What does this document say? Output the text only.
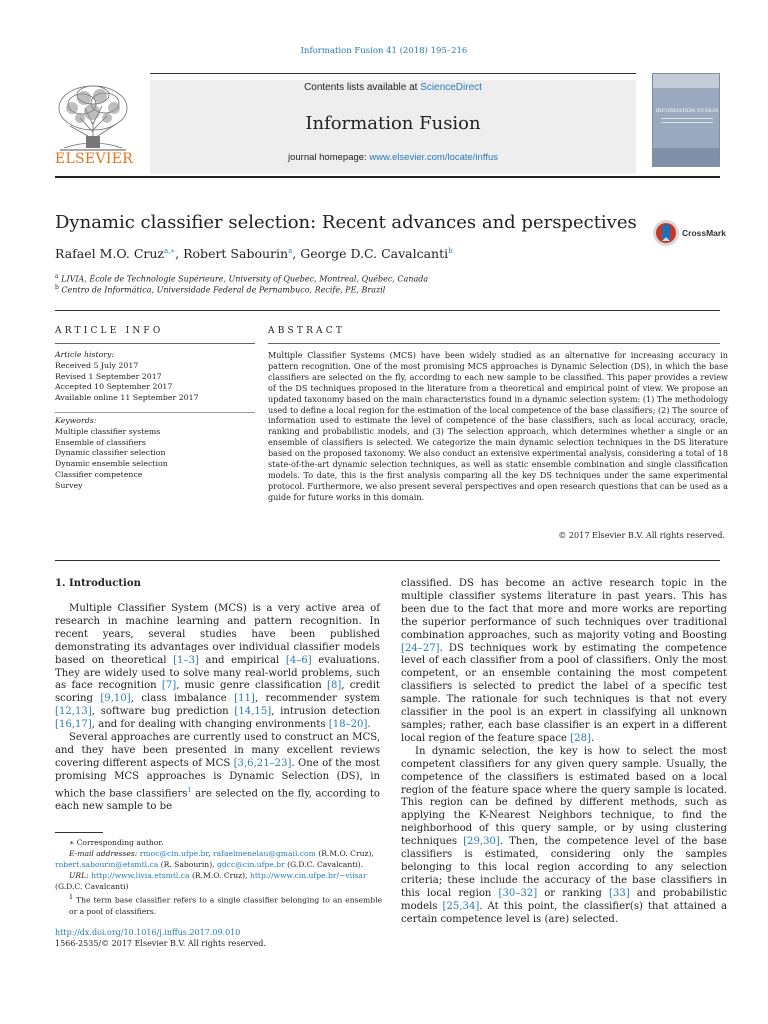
Information Fusion 41 (2018) 195–216
Contents lists available at ScienceDirect
Information Fusion
journal homepage: www.elsevier.com/locate/inffus
ELSEVIER
INFORMATION FUSION
Dynamic classifier selection: Recent advances and perspectives
Rafael M.O. Cruz$^{a,∗}$, Robert Sabourin$^a$, George D.C. Cavalcanti$^b$
$^a$ LIVIA, École de Technologie Supérieure, University of Quebec, Montreal, Québec, Canada
$^b$ Centro de Informática, Universidade Federal de Pernambuco, Recife, PE, Brazil
CrossMark
ARTICLE INFO
Article history:
Received 5 July 2017
Revised 1 September 2017
Accepted 10 September 2017
Available online 11 September 2017
Keywords:
Multiple classifier systems
Ensemble of classifiers
Dynamic classifier selection
Dynamic ensemble selection
Classifier competence
Survey
ABSTRACT
Multiple Classifier Systems (MCS) have been widely studied as an alternative for increasing accuracy in pattern recognition. One of the most promising MCS approaches is Dynamic Selection (DS), in which the base classifiers are selected on the fly, according to each new sample to be classified. This paper provides a review of the DS techniques proposed in the literature from a theoretical and empirical point of view. We propose an updated taxonomy based on the main characteristics found in a dynamic selection system: (1) The methodology used to define a local region for the estimation of the local competence of the base classifiers; (2) The source of information used to estimate the level of competence of the base classifiers, such as local accuracy, oracle, ranking and probabilistic models, and (3) The selection approach, which determines whether a single or an ensemble of classifiers is selected. We categorize the main dynamic selection techniques in the DS literature based on the proposed taxonomy. We also conduct an extensive experimental analysis, considering a total of 18 state-of-the-art dynamic selection techniques, as well as static ensemble combination and single classification models. To date, this is the first analysis comparing all the key DS techniques under the same experimental protocol. Furthermore, we also present several perspectives and open research questions that can be used as a guide for future works in this domain.
© 2017 Elsevier B.V. All rights reserved.
1. Introduction

Multiple Classifier System (MCS) is a very active area of research in machine learning and pattern recognition. In recent years, several studies have been published demonstrating its advantages over individual classifier models based on theoretical [1–3] and empirical [4–6] evaluations. They are widely used to solve many real-world problems, such as face recognition [7], music genre classification [8], credit scoring [9,10], class imbalance [11], recommender system [12,13], software bug prediction [14,15], intrusion detection [16,17], and for dealing with changing environments [18–20].

Several approaches are currently used to construct an MCS, and they have been presented in many excellent reviews covering different aspects of MCS [3,6,21–23]. One of the most promising MCS approaches is Dynamic Selection (DS), in which the base classifiers$^1$ are selected on the fly, according to each new sample to be

classified. DS has become an active research topic in the multiple classifier systems literature in past years. This has been due to the fact that more and more works are reporting the superior performance of such techniques over traditional combination approaches, such as majority voting and Boosting [24–27]. DS techniques work by estimating the competence level of each classifier from a pool of classifiers. Only the most competent, or an ensemble containing the most competent classifiers is selected to predict the label of a specific test sample. The rationale for such techniques is that not every classifier in the pool is an expert in classifying all unknown samples; rather, each base classifier is an expert in a different local region of the feature space [28].

In dynamic selection, the key is how to select the most competent classifiers for any given query sample. Usually, the competence of the classifiers is estimated based on a local region of the feature space where the query sample is located. This region can be defined by different methods, such as applying the K-Nearest Neighbors technique, to find the neighborhood of this query sample, or by using clustering techniques [29,30]. Then, the competence level of the base classifiers is estimated, considering only the samples belonging to this local region according to any selection criteria; these include the accuracy of the base classifiers in this local region [30–32] or ranking [33] and probabilistic models [25,34]. At this point, the classifier(s) that attained a certain competence level is (are) selected.

∗ Corresponding author.
E-mail addresses: rmoc@cin.ufpe.br, rafaelmenelau@gmail.com (R.M.O. Cruz),
robert.sabourin@etsmtl.ca (R. Sabourin), gdcc@cin.ufpe.br (G.D.C. Cavalcanti).
URL: http://www.livia.etsmtl.ca (R.M.O. Cruz), http://www.cin.ufpe.br/~viisar
(G.D.C. Cavalcanti)
$^1$ The term base classifier refers to a single classifier belonging to an ensemble or a pool of classifiers.
http://dx.doi.org/10.1016/j.inffus.2017.09.010
1566-2535/© 2017 Elsevier B.V. All rights reserved.
